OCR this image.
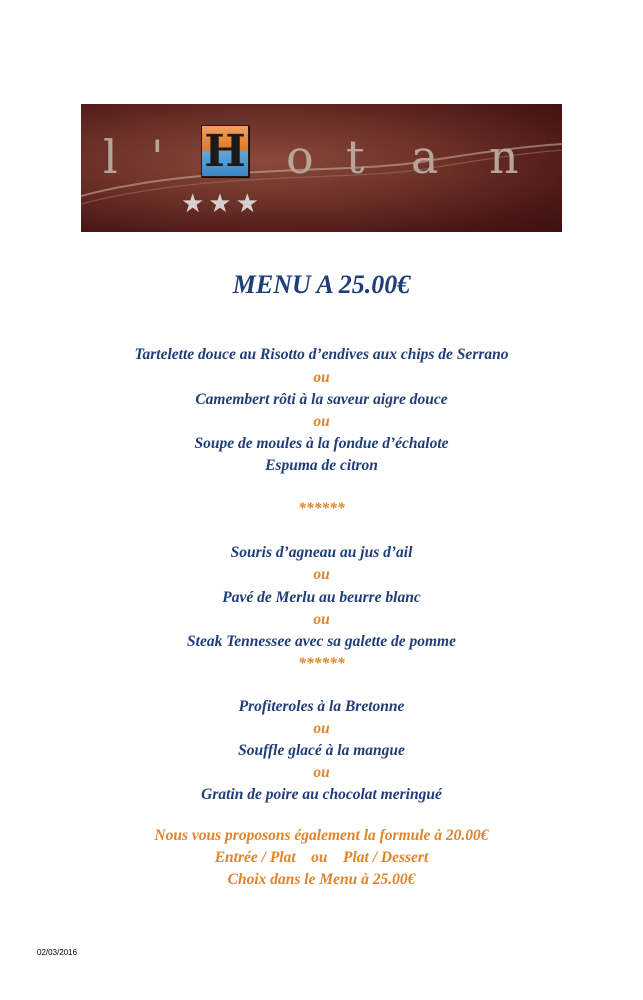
l ' H o t a n
★★★
MENU A 25.00€
Tartelette douce au Risotto d’endives aux chips de Serrano
ou
Camembert rôti à la saveur aigre douce
ou
Soupe de moules à la fondue d’échalote
Espuma de citron
******
Souris d’agneau au jus d’ail
ou
Pavé de Merlu au beurre blanc
ou
Steak Tennessee avec sa galette de pomme
******
Profiteroles à la Bretonne
ou
Souffle glacé à la mangue
ou
Gratin de poire au chocolat meringué
Nous vous proposons également la formule à 20.00€
Entrée / Plat    ou    Plat / Dessert
Choix dans le Menu à 25.00€
02/03/2016
